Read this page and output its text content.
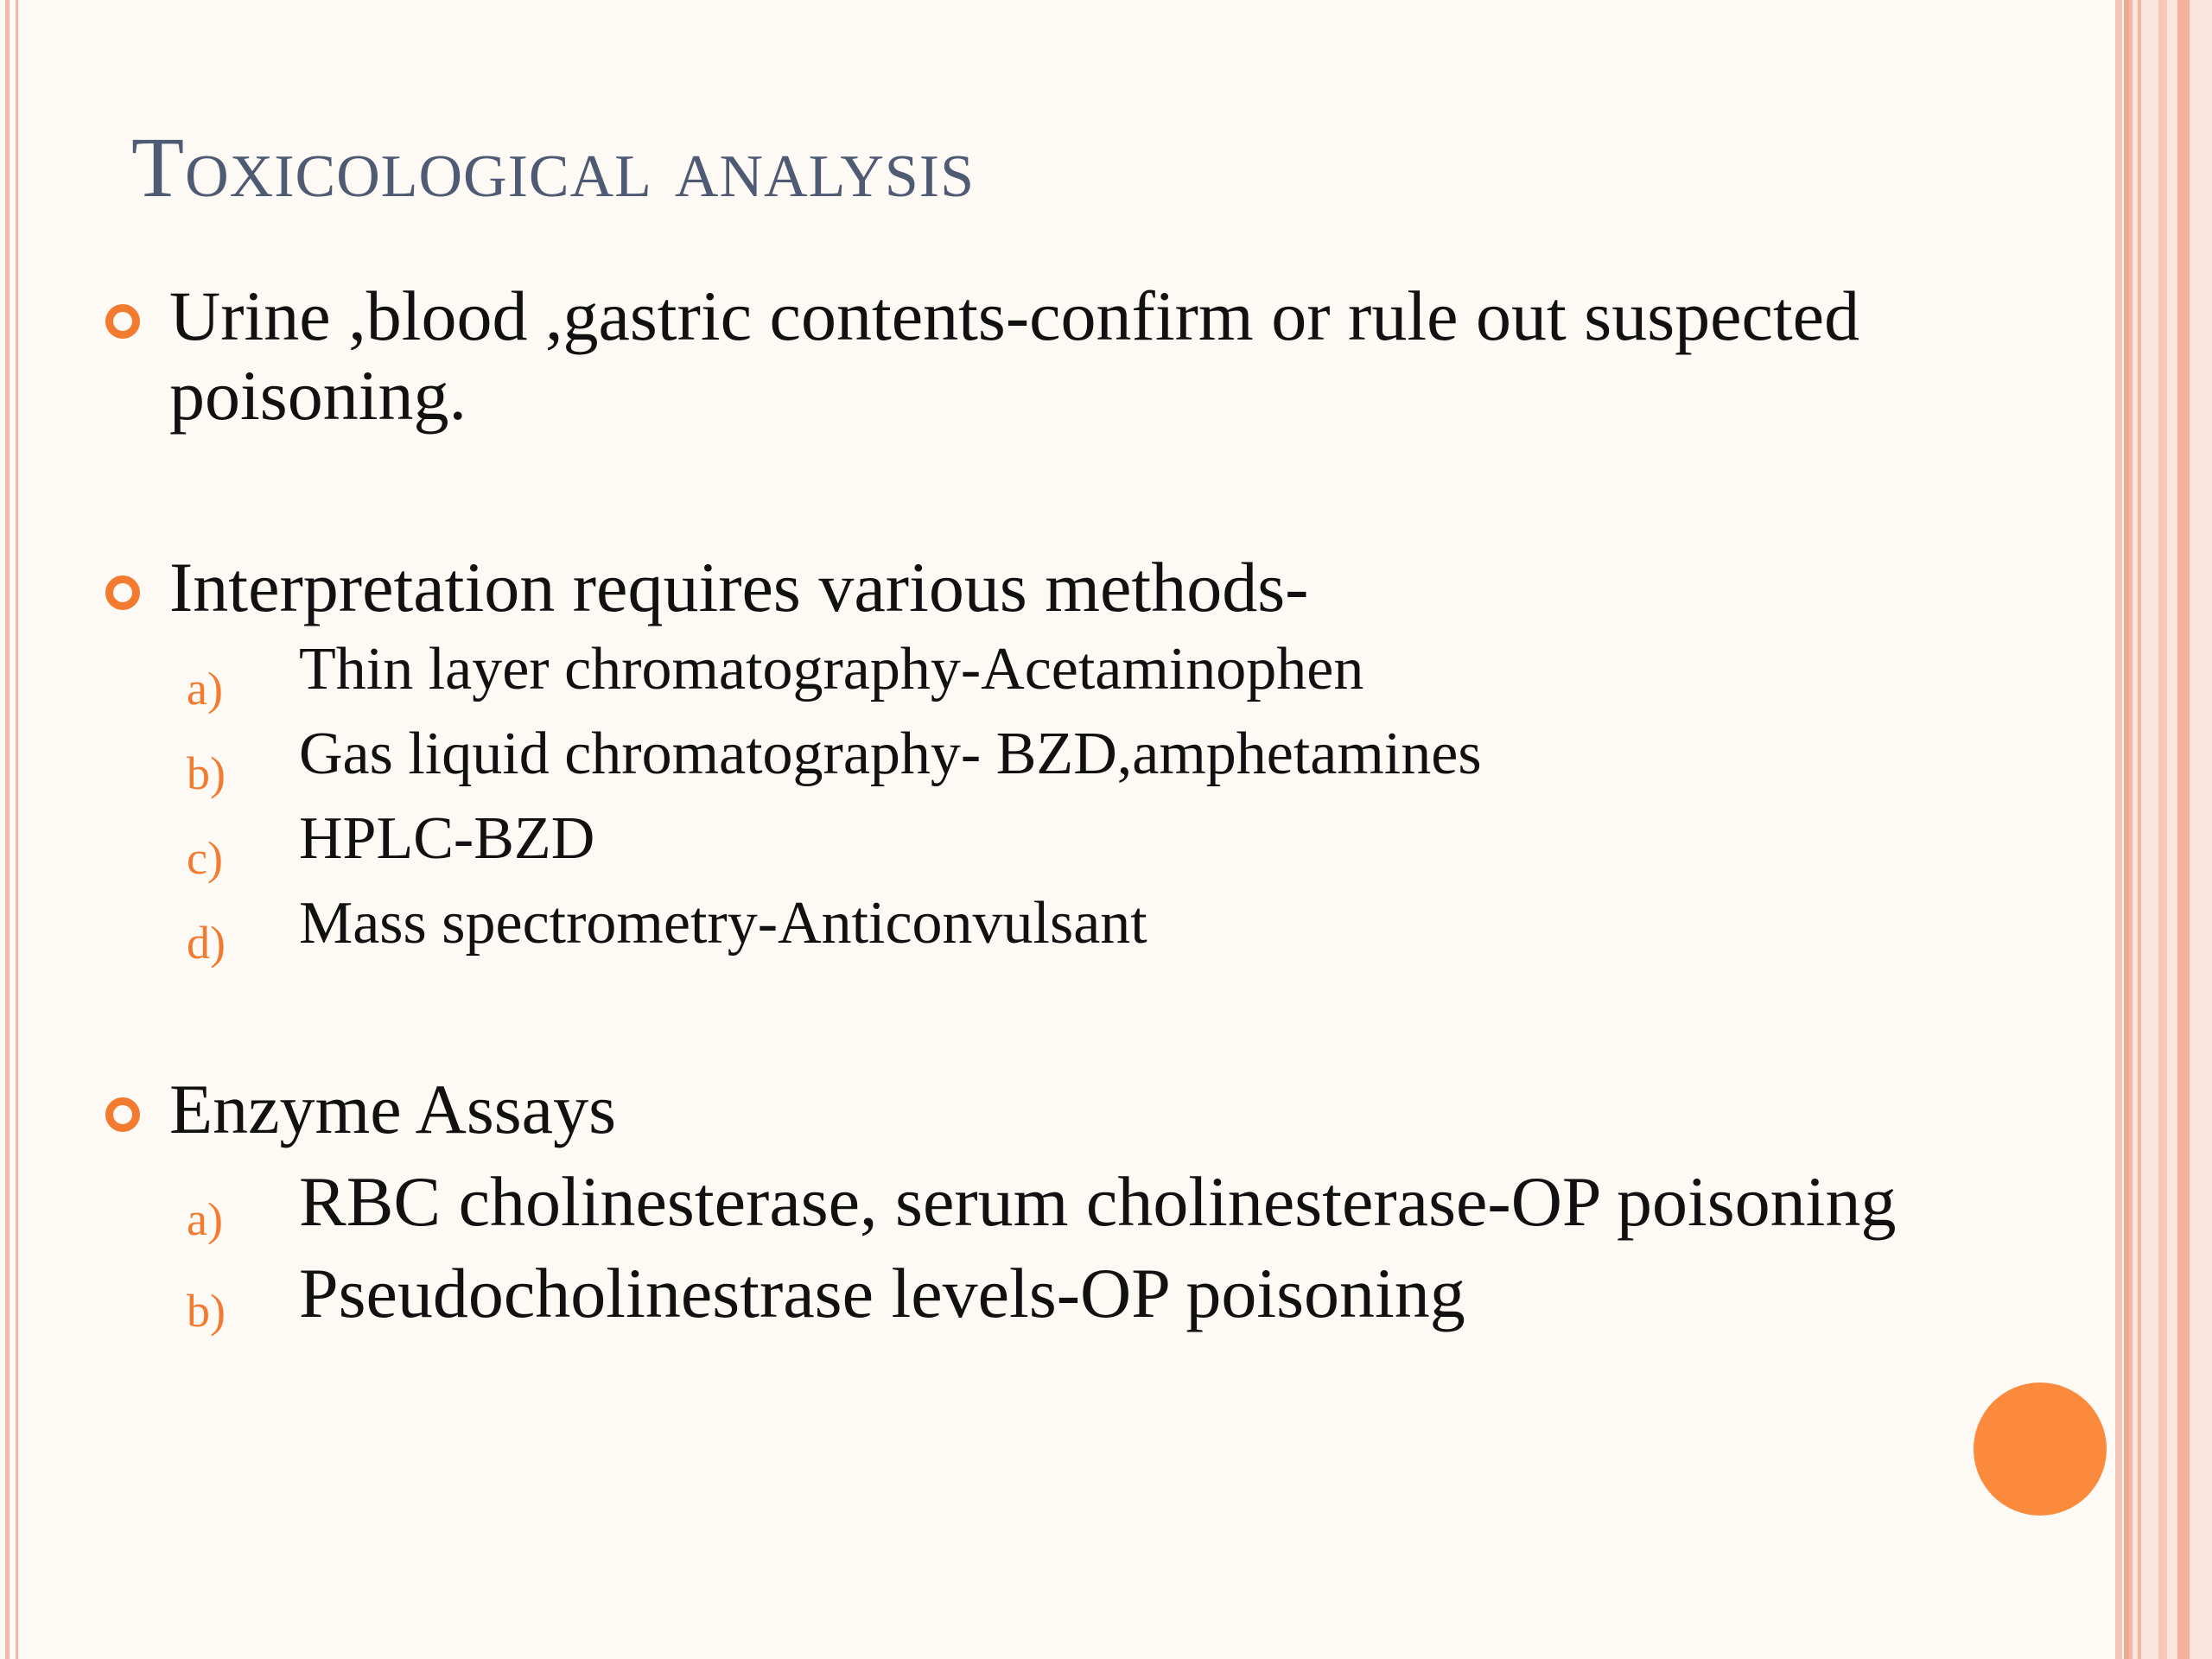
Toxicological analysis
Urine ,blood ,gastric contents-confirm or rule out suspected poisoning.
Interpretation requires various methods-
a) Thin layer chromatography-Acetaminophen
b) Gas liquid chromatography- BZD,amphetamines
c) HPLC-BZD
d) Mass spectrometry-Anticonvulsant
Enzyme Assays
a) RBC cholinesterase, serum cholinesterase-OP poisoning
b) Pseudocholinestrase levels-OP poisoning
